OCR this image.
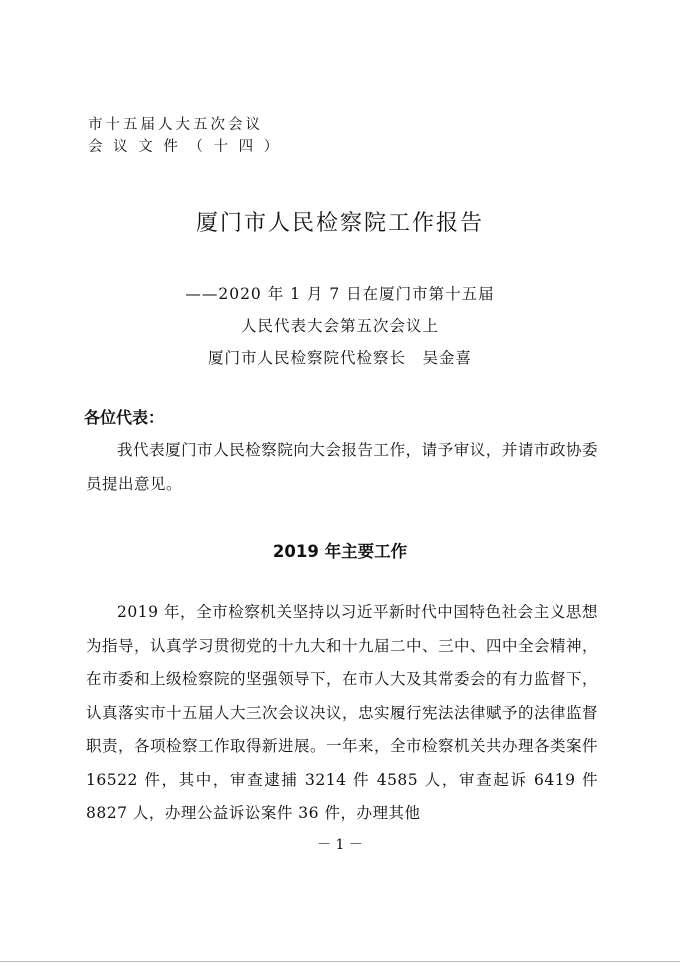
市十五届人大五次会议
会 议 文 件 （ 十 四 ）
厦门市人民检察院工作报告
——2020 年 1 月 7 日在厦门市第十五届
人民代表大会第五次会议上
厦门市人民检察院代检察长　吴金喜
各位代表：
我代表厦门市人民检察院向大会报告工作，请予审议，并请市政协委员提出意见。
2019 年主要工作
2019 年，全市检察机关坚持以习近平新时代中国特色社会主义思想为指导，认真学习贯彻党的十九大和十九届二中、三中、四中全会精神，在市委和上级检察院的坚强领导下，在市人大及其常委会的有力监督下，认真落实市十五届人大三次会议决议，忠实履行宪法法律赋予的法律监督职责，各项检察工作取得新进展。一年来，全市检察机关共办理各类案件 16522 件，其中，审查逮捕 3214 件 4585 人，审查起诉 6419 件 8827 人，办理公益诉讼案件 36 件，办理其他
－ 1 －
